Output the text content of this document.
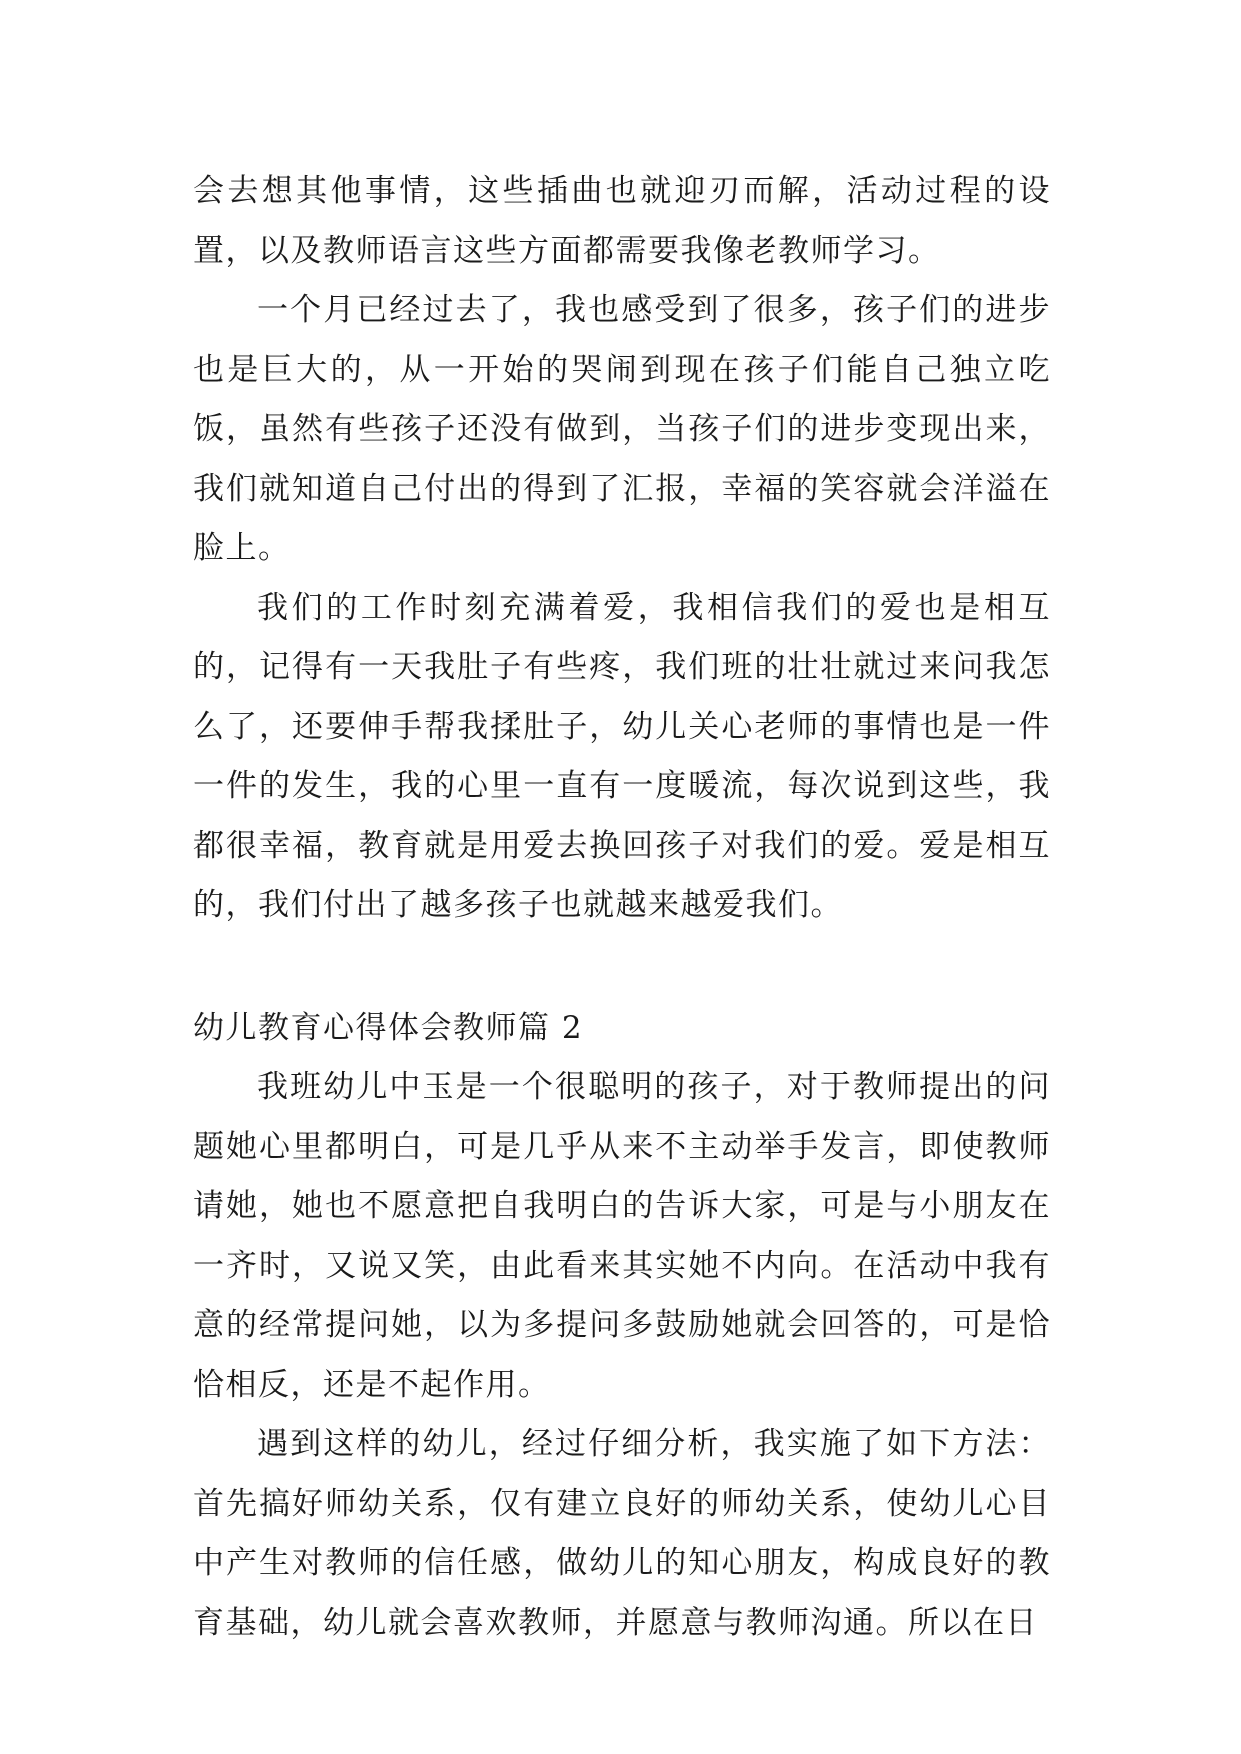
会去想其他事情，这些插曲也就迎刃而解，活动过程的设置，以及教师语言这些方面都需要我像老教师学习。

一个月已经过去了，我也感受到了很多，孩子们的进步也是巨大的，从一开始的哭闹到现在孩子们能自己独立吃饭，虽然有些孩子还没有做到，当孩子们的进步变现出来，我们就知道自己付出的得到了汇报，幸福的笑容就会洋溢在脸上。

我们的工作时刻充满着爱，我相信我们的爱也是相互的，记得有一天我肚子有些疼，我们班的壮壮就过来问我怎么了，还要伸手帮我揉肚子，幼儿关心老师的事情也是一件一件的发生，我的心里一直有一度暖流，每次说到这些，我都很幸福，教育就是用爱去换回孩子对我们的爱。爱是相互的，我们付出了越多孩子也就越来越爱我们。

幼儿教育心得体会教师篇 2

我班幼儿中玉是一个很聪明的孩子，对于教师提出的问题她心里都明白，可是几乎从来不主动举手发言，即使教师请她，她也不愿意把自我明白的告诉大家，可是与小朋友在一齐时，又说又笑，由此看来其实她不内向。在活动中我有意的经常提问她，以为多提问多鼓励她就会回答的，可是恰恰相反，还是不起作用。

遇到这样的幼儿，经过仔细分析，我实施了如下方法：首先搞好师幼关系，仅有建立良好的师幼关系，使幼儿心目中产生对教师的信任感，做幼儿的知心朋友，构成良好的教育基础，幼儿就会喜欢教师，并愿意与教师沟通。所以在日
